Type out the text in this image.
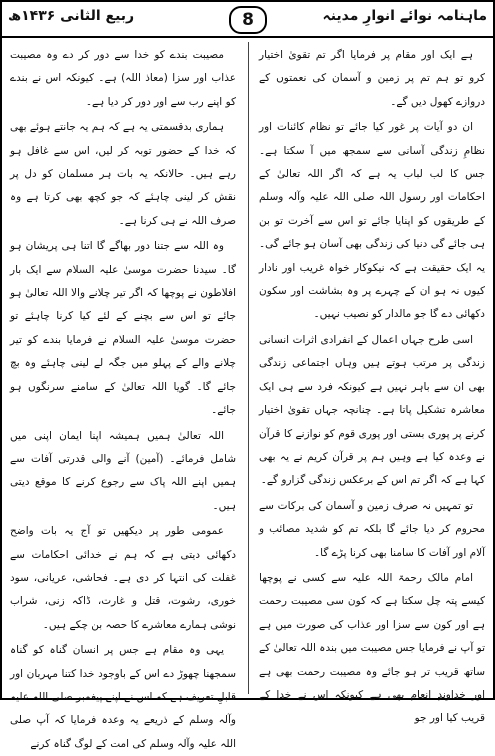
ماہنامہ نوائے انوارِ مدینہ
8
ربیع الثانی ۱۴۳۶ھ

ہے ایک اور مقام پر فرمایا اگر تم تقویٰ اختیار کرو تو ہم تم پر زمین و آسمان کی نعمتوں کے دروازے کھول دیں گے۔

ان دو آیات پر غور کیا جائے تو نظام کائنات اور نظامِ زندگی آسانی سے سمجھ میں آ سکتا ہے۔ جس کا لب لباب یہ ہے کہ اگر اللہ تعالیٰ کے احکامات اور رسول اللہ صلی اللہ علیہ وآلہ وسلم کے طریقوں کو اپنایا جائے تو اس سے آخرت تو بن ہی جائے گی دنیا کی زندگی بھی آسان ہو جائے گی۔ یہ ایک حقیقت ہے کہ نیکوکار خواہ غریب اور نادار کیوں نہ ہو ان کے چہرے پر وہ بشاشت اور سکون دکھائی دے گا جو مالدار کو نصیب نہیں۔

اسی طرح جہاں اعمال کے انفرادی اثرات انسانی زندگی پر مرتب ہوتے ہیں وہاں اجتماعی زندگی بھی ان سے باہر نہیں ہے کیونکہ فرد سے ہی ایک معاشرہ تشکیل پاتا ہے۔ چنانچہ جہاں تقویٰ اختیار کرنے پر پوری بستی اور پوری قوم کو نوازنے کا قرآن نے وعدہ کیا ہے وہیں ہم پر قرآن کریم نے یہ بھی کہا ہے کہ اگر تم اس کے برعکس زندگی گزارو گے۔

تو تمہیں نہ صرف زمین و آسمان کی برکات سے محروم کر دیا جائے گا بلکہ تم کو شدید مصائب و آلام اور آفات کا سامنا بھی کرنا پڑے گا۔

امام مالک رحمۃ اللہ علیہ سے کسی نے پوچھا کیسے پتہ چل سکتا ہے کہ کون سی مصیبت رحمت ہے اور کون سے سزا اور عذاب کی صورت میں ہے تو آپ نے فرمایا جس مصیبت میں بندہ اللہ تعالیٰ کے ساتھ قریب تر ہو جائے وہ مصیبت رحمت بھی ہے اور خداوندِ انعام بھی ہے کیونکہ اس نے خدا کے قریب کیا اور جو

مصیبت بندے کو خدا سے دور کر دے وہ مصیبت عذاب اور سزا (معاذ اللہ) ہے۔ کیونکہ اس نے بندے کو اپنے رب سے اور دور کر دیا ہے۔

ہماری بدقسمتی یہ ہے کہ ہم یہ جانتے ہوئے بھی کہ خدا کے حضور توبہ کر لیں، اس سے غافل ہو رہے ہیں۔ حالانکہ یہ بات ہر مسلمان کو دل پر نقش کر لینی چاہئے کہ جو کچھ بھی کرتا ہے وہ صرف اللہ نے ہی کرنا ہے۔

وہ اللہ سے جتنا دور بھاگے گا اتنا ہی پریشان ہو گا۔ سیدنا حضرت موسیٰ علیہ السلام سے ایک بار افلاطون نے پوچھا کہ اگر تیر چلانے والا اللہ تعالیٰ ہو جائے تو اس سے بچنے کے لئے کیا کرنا چاہئے تو حضرت موسیٰ علیہ السلام نے فرمایا بندے کو تیر چلانے والے کے پہلو میں جگہ لے لینی چاہئے وہ بچ جائے گا۔ گویا اللہ تعالیٰ کے سامنے سرنگوں ہو جائے۔

اللہ تعالیٰ ہمیں ہمیشہ اپنا ایمان اپنی میں شامل فرمائے۔ (آمین) آنے والی قدرتی آفات سے ہمیں اپنے اللہ پاک سے رجوع کرنے کا موقع دیتی ہیں۔

عمومی طور پر دیکھیں تو آج یہ بات واضح دکھائی دیتی ہے کہ ہم نے خدائی احکامات سے غفلت کی انتہا کر دی ہے۔ فحاشی، عریانی، سود خوری، رشوت، قتل و غارت، ڈاکہ زنی، شراب نوشی ہمارے معاشرے کا حصہ بن چکے ہیں۔

یہی وہ مقام ہے جس پر انسان گناہ کو گناہ سمجھنا چھوڑ دے اس کے باوجود خدا کتنا مہربان اور قابلِ تعریف ہے کہ اس نے اپنے پیغمبر صلی اللہ علیہ وآلہ وسلم کے ذریعے یہ وعدہ فرمایا کہ آپ صلی اللہ علیہ وآلہ وسلم کی امت کے لوگ گناہ کرنے
